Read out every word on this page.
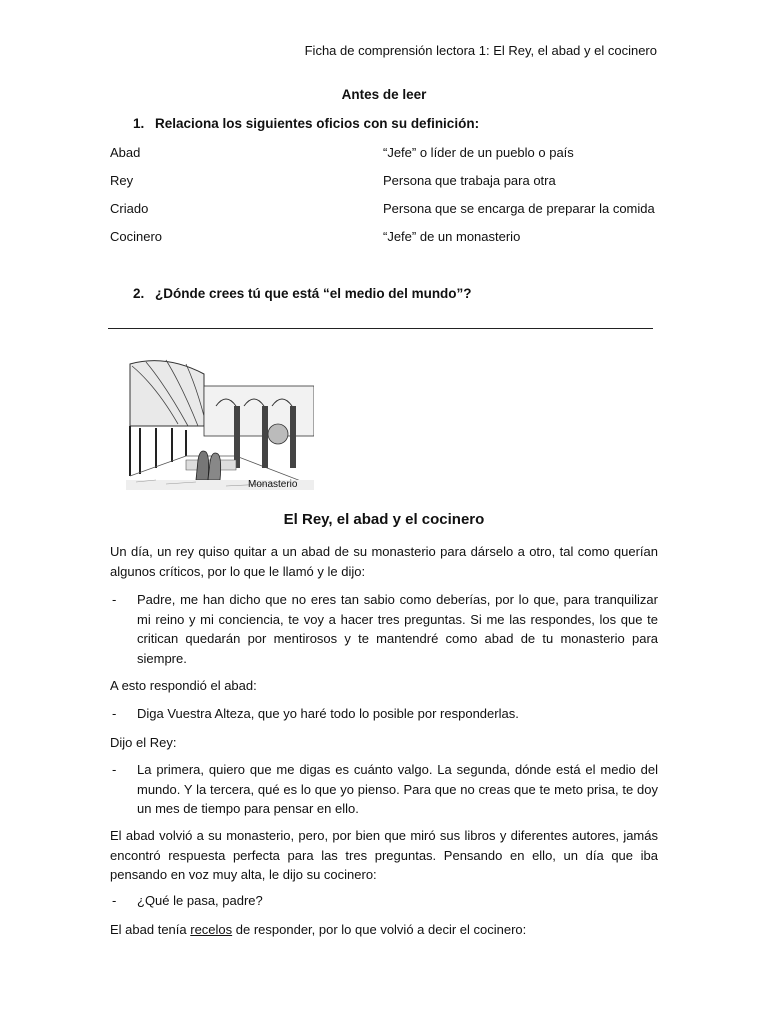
Ficha de comprensión lectora 1: El Rey, el abad y el cocinero
Antes de leer
1. Relaciona los siguientes oficios con su definición:
Abad	“Jefe” o líder de un pueblo o país
Rey	Persona que trabaja para otra
Criado	Persona que se encarga de preparar la comida
Cocinero	“Jefe” de un monasterio
2. ¿Dónde crees tú que está “el medio del mundo”?
Monasterio
El Rey, el abad y el cocinero
Un día, un rey quiso quitar a un abad de su monasterio para dárselo a otro, tal como querían algunos críticos, por lo que le llamó y le dijo:
- Padre, me han dicho que no eres tan sabio como deberías, por lo que, para tranquilizar mi reino y mi conciencia, te voy a hacer tres preguntas. Si me las respondes, los que te critican quedarán por mentirosos y te mantendré como abad de tu monasterio para siempre.
A esto respondió el abad:
- Diga Vuestra Alteza, que yo haré todo lo posible por responderlas.
Dijo el Rey:
- La primera, quiero que me digas es cuánto valgo. La segunda, dónde está el medio del mundo. Y la tercera, qué es lo que yo pienso. Para que no creas que te meto prisa, te doy un mes de tiempo para pensar en ello.
El abad volvió a su monasterio, pero, por bien que miró sus libros y diferentes autores, jamás encontró respuesta perfecta para las tres preguntas. Pensando en ello, un día que iba pensando en voz muy alta, le dijo su cocinero:
- ¿Qué le pasa, padre?
El abad tenía recelos de responder, por lo que volvió a decir el cocinero:
